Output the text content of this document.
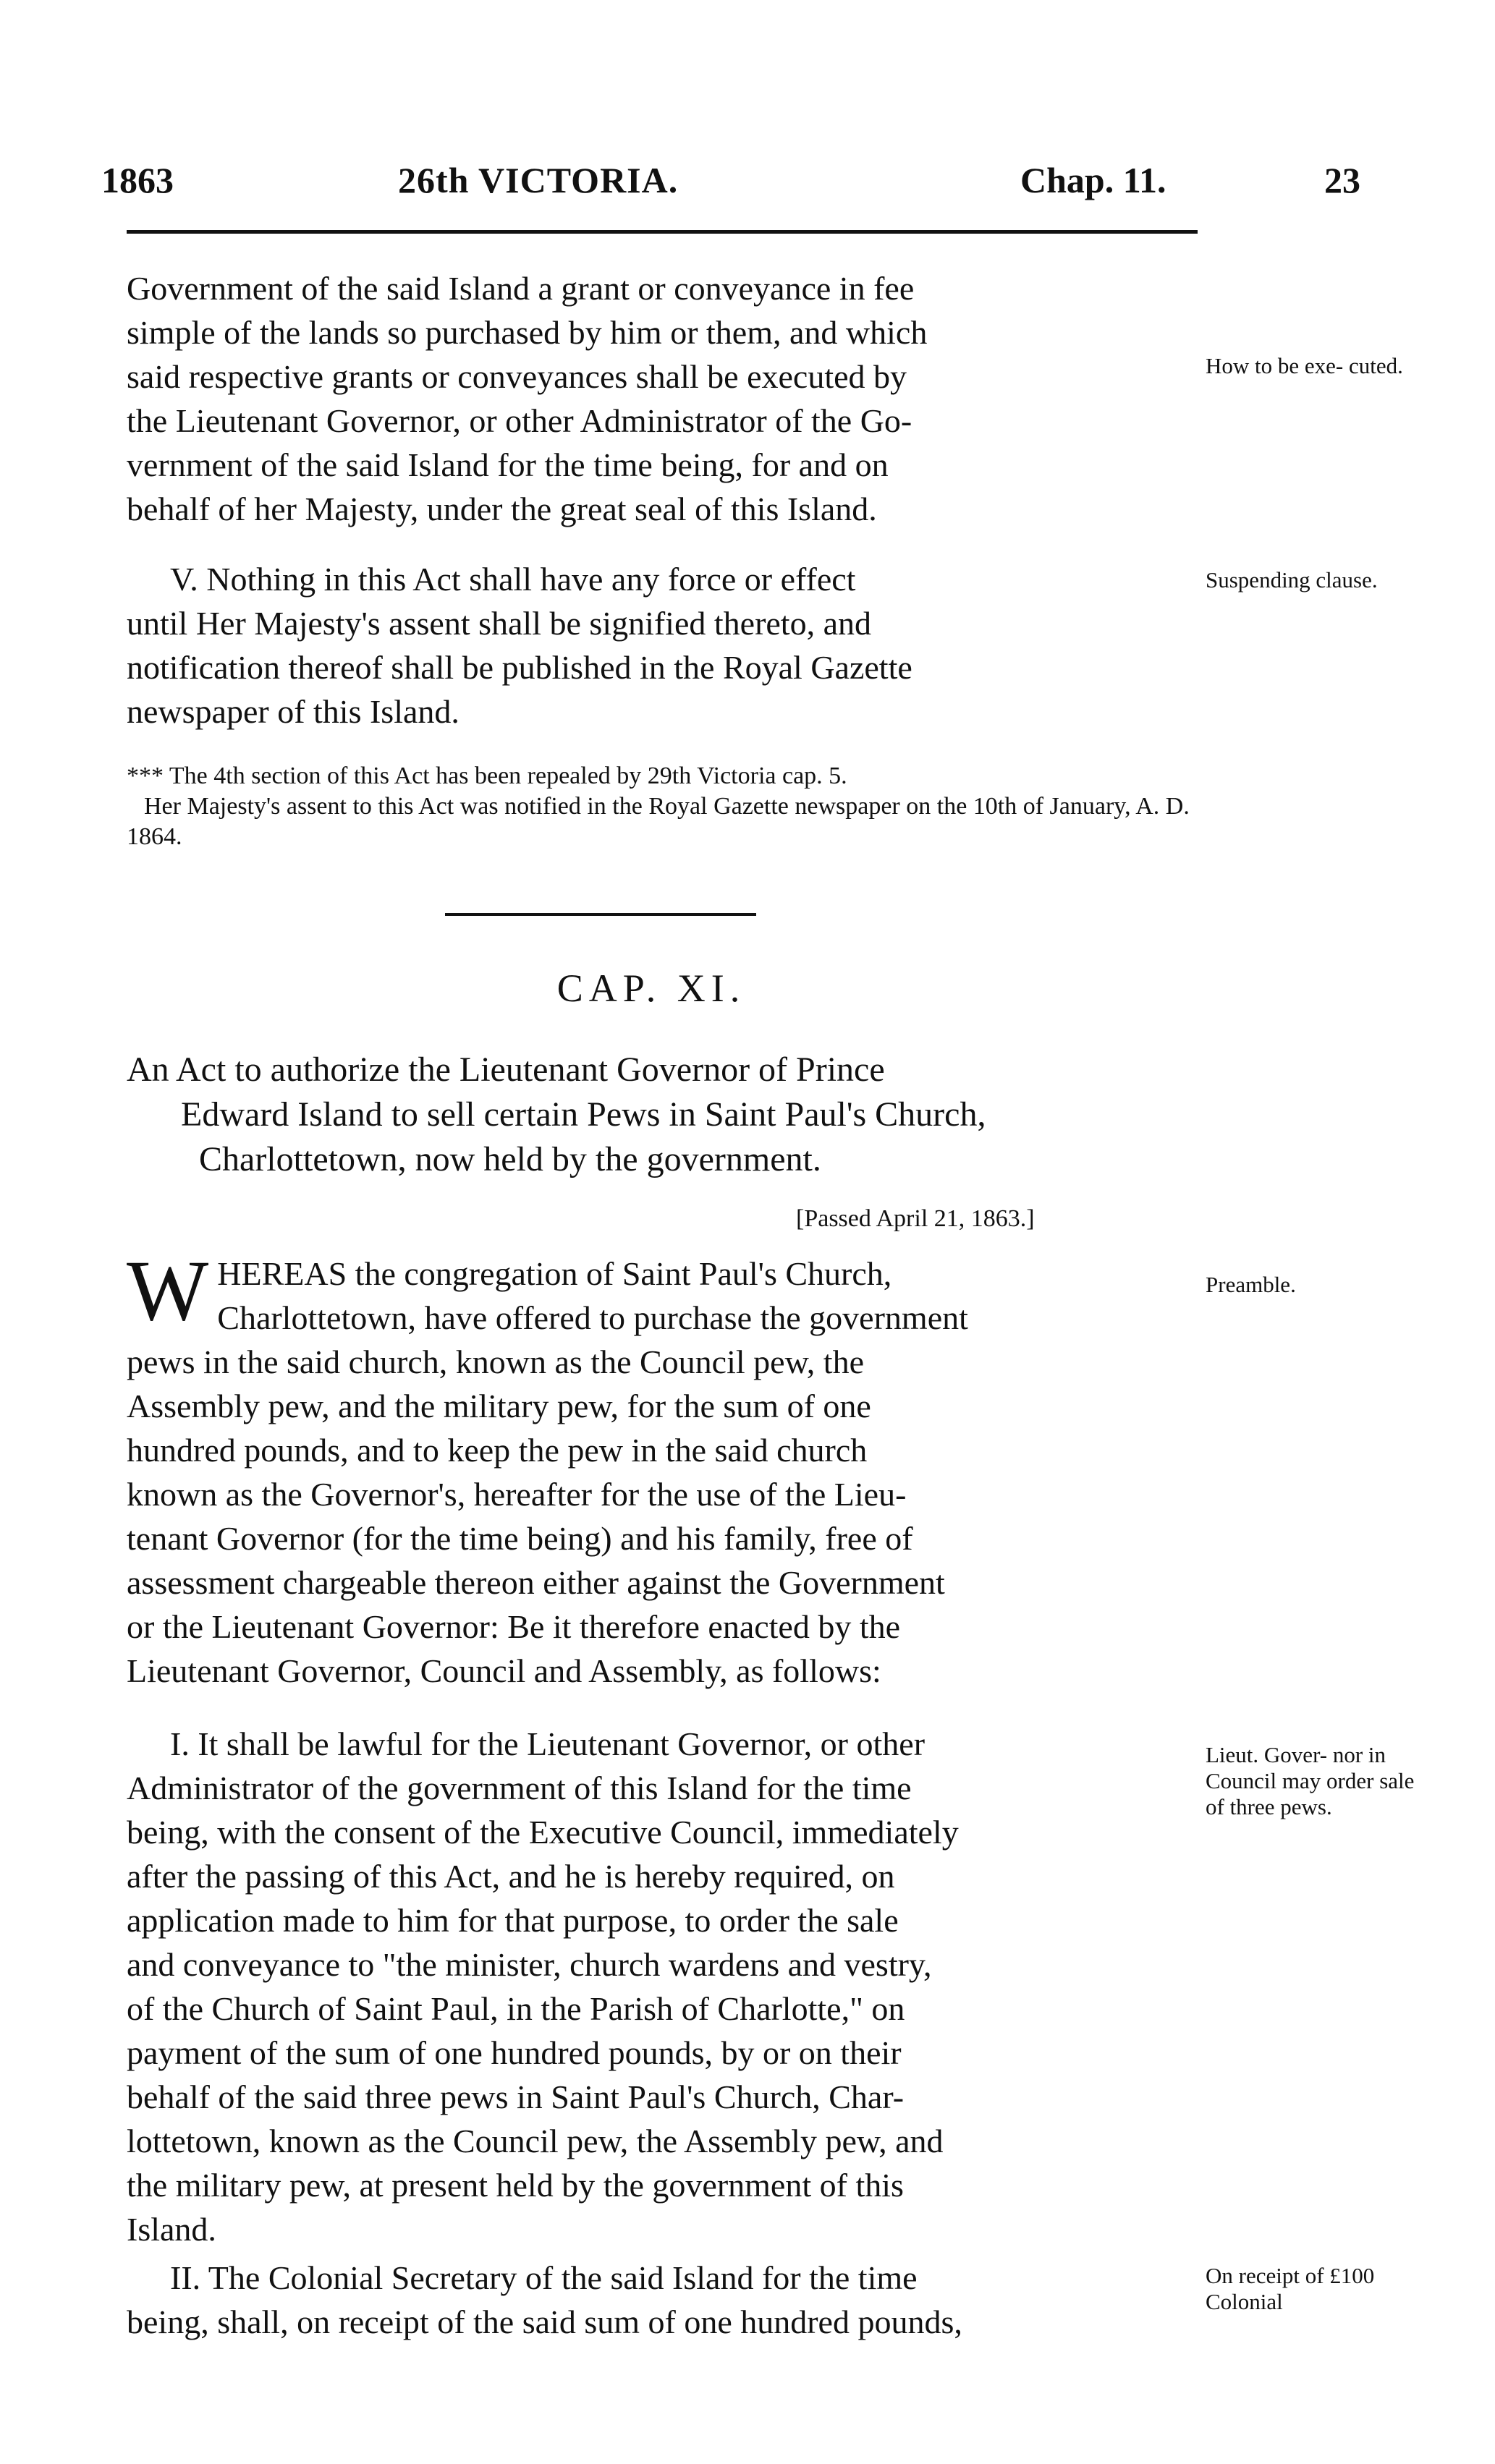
1863	26th VICTORIA.	Chap. 11.	23

Government of the said Island a grant or conveyance in fee
simple of the lands so purchased by him or them, and which
said respective grants or conveyances shall be executed by
the Lieutenant Governor, or other Administrator of the Go-
vernment of the said Island for the time being, for and on
behalf of her Majesty, under the great seal of this Island.

How to be exe- cuted.

V. Nothing in this Act shall have any force or effect

until Her Majesty's assent shall be signified thereto, and
notification thereof shall be published in the Royal Gazette
newspaper of this Island.

Suspending clause.

*** The 4th section of this Act has been repealed by 29th Victoria cap. 5.

Her Majesty's assent to this Act was notified in the Royal Gazette newspaper on the 10th of January, A. D. 1864.

CAP. XI.
An Act to authorize the Lieutenant Governor of Prince
Edward Island to sell certain Pews in Saint Paul's Church,
Charlottetown, now held by the government.
[Passed April 21, 1863.]
W HEREAS the congregation of Saint Paul's Church,
Charlottetown, have offered to purchase the government
pews in the said church, known as the Council pew, the
Assembly pew, and the military pew, for the sum of one
hundred pounds, and to keep the pew in the said church
known as the Governor's, hereafter for the use of the Lieu-
tenant Governor (for the time being) and his family, free of
assessment chargeable thereon either against the Government
or the Lieutenant Governor: Be it therefore enacted by the
Lieutenant Governor, Council and Assembly, as follows:
Preamble.
I. It shall be lawful for the Lieutenant Governor, or other
Administrator of the government of this Island for the time
being, with the consent of the Executive Council, immediately
after the passing of this Act, and he is hereby required, on
application made to him for that purpose, to order the sale
and conveyance to "the minister, church wardens and vestry,
of the Church of Saint Paul, in the Parish of Charlotte," on
payment of the sum of one hundred pounds, by or on their
behalf of the said three pews in Saint Paul's Church, Char-
lottetown, known as the Council pew, the Assembly pew, and
the military pew, at present held by the government of this
Island.
Lieut. Gover- nor in Council may order sale of three pews.
II. The Colonial Secretary of the said Island for the time
being, shall, on receipt of the said sum of one hundred pounds,
On receipt of £100 Colonial
